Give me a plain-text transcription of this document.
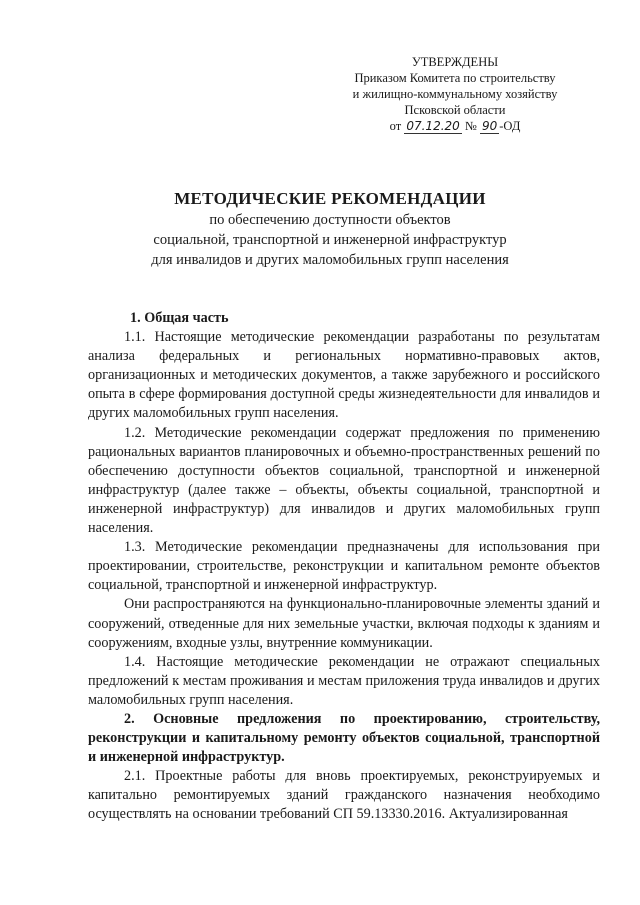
УТВЕРЖДЕНЫ
Приказом Комитета по строительству
и жилищно-коммунальному хозяйству
Псковской области
от 07.12.20 № 90 -ОД
МЕТОДИЧЕСКИЕ РЕКОМЕНДАЦИИ
по обеспечению доступности объектов
социальной, транспортной и инженерной инфраструктур
для инвалидов и других маломобильных групп населения

1. Общая часть

1.1. Настоящие методические рекомендации разработаны по результатам анализа федеральных и региональных нормативно-правовых актов, организационных и методических документов, а также зарубежного и российского опыта в сфере формирования доступной среды жизнедеятельности для инвалидов и других маломобильных групп населения.

1.2. Методические рекомендации содержат предложения по применению рациональных вариантов планировочных и объемно-пространственных решений по обеспечению доступности объектов социальной, транспортной и инженерной инфраструктур (далее также – объекты, объекты социальной, транспортной и инженерной инфраструктур) для инвалидов и других маломобильных групп населения.

1.3. Методические рекомендации предназначены для использования при проектировании, строительстве, реконструкции и капитальном ремонте объектов социальной, транспортной и инженерной инфраструктур.

Они распространяются на функционально-планировочные элементы зданий и сооружений, отведенные для них земельные участки, включая подходы к зданиям и сооружениям, входные узлы, внутренние коммуникации.

1.4. Настоящие методические рекомендации не отражают специальных предложений к местам проживания и местам приложения труда инвалидов и других маломобильных групп населения.

2. Основные предложения по проектированию, строительству, реконструкции и капитальному ремонту объектов социальной, транспортной и инженерной инфраструктур.

2.1. Проектные работы для вновь проектируемых, реконструируемых и капитально ремонтируемых зданий гражданского назначения необходимо осуществлять на основании требований СП 59.13330.2016. Актуализированная
